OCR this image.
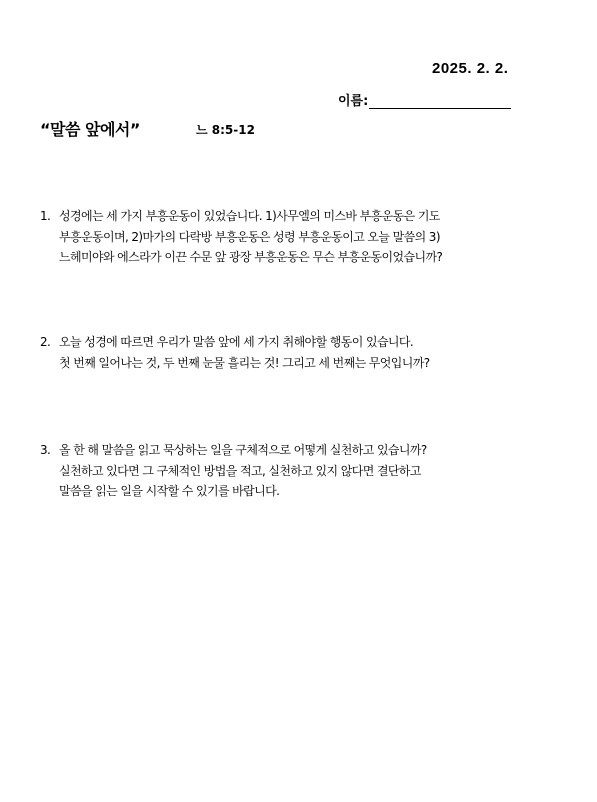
2025. 2. 2.
이름:
“말씀 앞에서”	느 8:5-12
1. 성경에는 세 가지 부흥운동이 있었습니다. 1)사무엘의 미스바 부흥운동은 기도
부흥운동이며, 2)마가의 다락방 부흥운동은 성령 부흥운동이고 오늘 말씀의 3)
느헤미야와 에스라가 이끈 수문 앞 광장 부흥운동은 무슨 부흥운동이었습니까?
2. 오늘 성경에 따르면 우리가 말씀 앞에 세 가지 취해야할 행동이 있습니다.
첫 번째 일어나는 것, 두 번째 눈물 흘리는 것! 그리고 세 번째는 무엇입니까?
3. 올 한 해 말씀을 읽고 묵상하는 일을 구체적으로 어떻게 실천하고 있습니까?
실천하고 있다면 그 구체적인 방법을 적고, 실천하고 있지 않다면 결단하고
말씀을 읽는 일을 시작할 수 있기를 바랍니다.
